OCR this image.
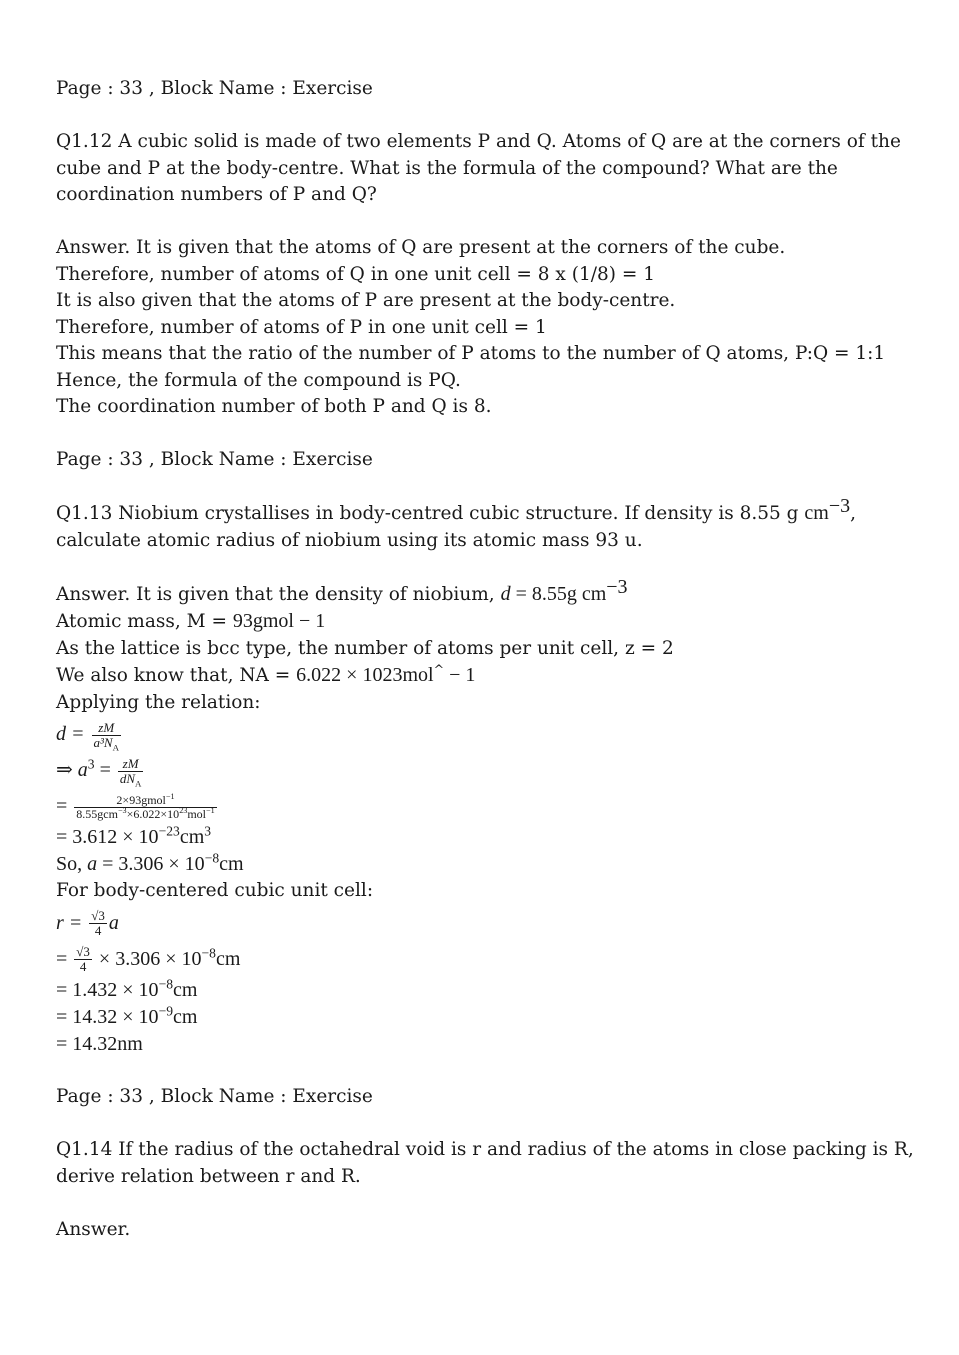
Page : 33 , Block Name : Exercise

Q1.12 A cubic solid is made of two elements P and Q. Atoms of Q are at the corners of the cube and P at the body-centre. What is the formula of the compound? What are the coordination numbers of P and Q?

Answer. It is given that the atoms of Q are present at the corners of the cube.

Therefore, number of atoms of Q in one unit cell = 8 x (1/8) = 1

It is also given that the atoms of P are present at the body-centre.

Therefore, number of atoms of P in one unit cell = 1

This means that the ratio of the number of P atoms to the number of Q atoms, P:Q = 1:1

Hence, the formula of the compound is PQ.

The coordination number of both P and Q is 8.

Page : 33 , Block Name : Exercise

Q1.13 Niobium crystallises in body-centred cubic structure. If density is 8.55 g $cm^{-3}$, calculate atomic radius of niobium using its atomic mass 93 u.

Answer. It is given that the density of niobium, d = 8.55g $cm^{-3}$

Atomic mass, M = 93gmol − 1

As the lattice is bcc type, the number of atoms per unit cell, z = 2

We also know that, NA = 6.022 × 1023mol^ − 1

Applying the relation:

$d = \frac{zM}{a^3N_A}$

⇒ $a^3 = \frac{zM}{dN_A}$

= $\frac{2\times 93gmol^{-1}}{8.55gcm^{-3}\times 6.022\times 10^{23}mol^{-1}}$

= $3.612 \times 10^{-23}cm^3$

So, $a = 3.306 \times 10^{-8}cm$

For body-centered cubic unit cell:

$r = \frac{√3}{4}$ a

= $\frac{√3}{4} \times 3.306 \times 10^{-8}cm$

= $1.432 \times 10^{-8}cm$

= $14.32 \times 10^{-9}cm$

= 14.32nm

Page : 33 , Block Name : Exercise

Q1.14 If the radius of the octahedral void is r and radius of the atoms in close packing is R, derive relation between r and R.

Answer.
